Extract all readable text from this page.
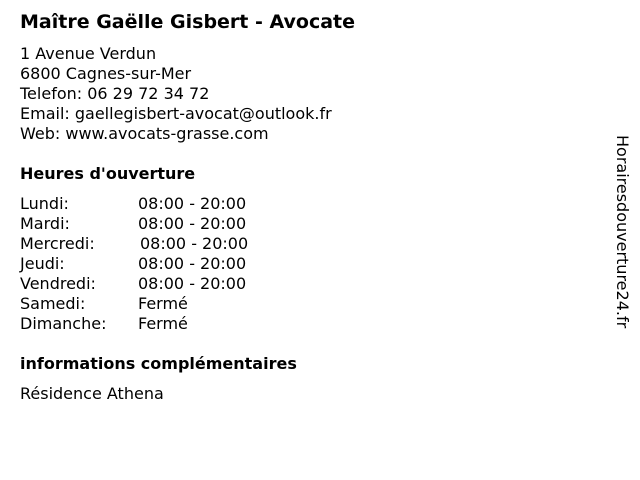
Maître Gaëlle Gisbert - Avocate
1 Avenue Verdun
6800 Cagnes-sur-Mer
Telefon: 06 29 72 34 72
Email: gaellegisbert-avocat@outlook.fr
Web: www.avocats-grasse.com
Heures d'ouverture
Lundi:	08:00 - 20:00
Mardi:	08:00 - 20:00
Mercredi:	08:00 - 20:00
Jeudi:	08:00 - 20:00
Vendredi:	08:00 - 20:00
Samedi:	Fermé
Dimanche: Fermé
informations complémentaires
Résidence Athena
Horairesdouverture24.fr
